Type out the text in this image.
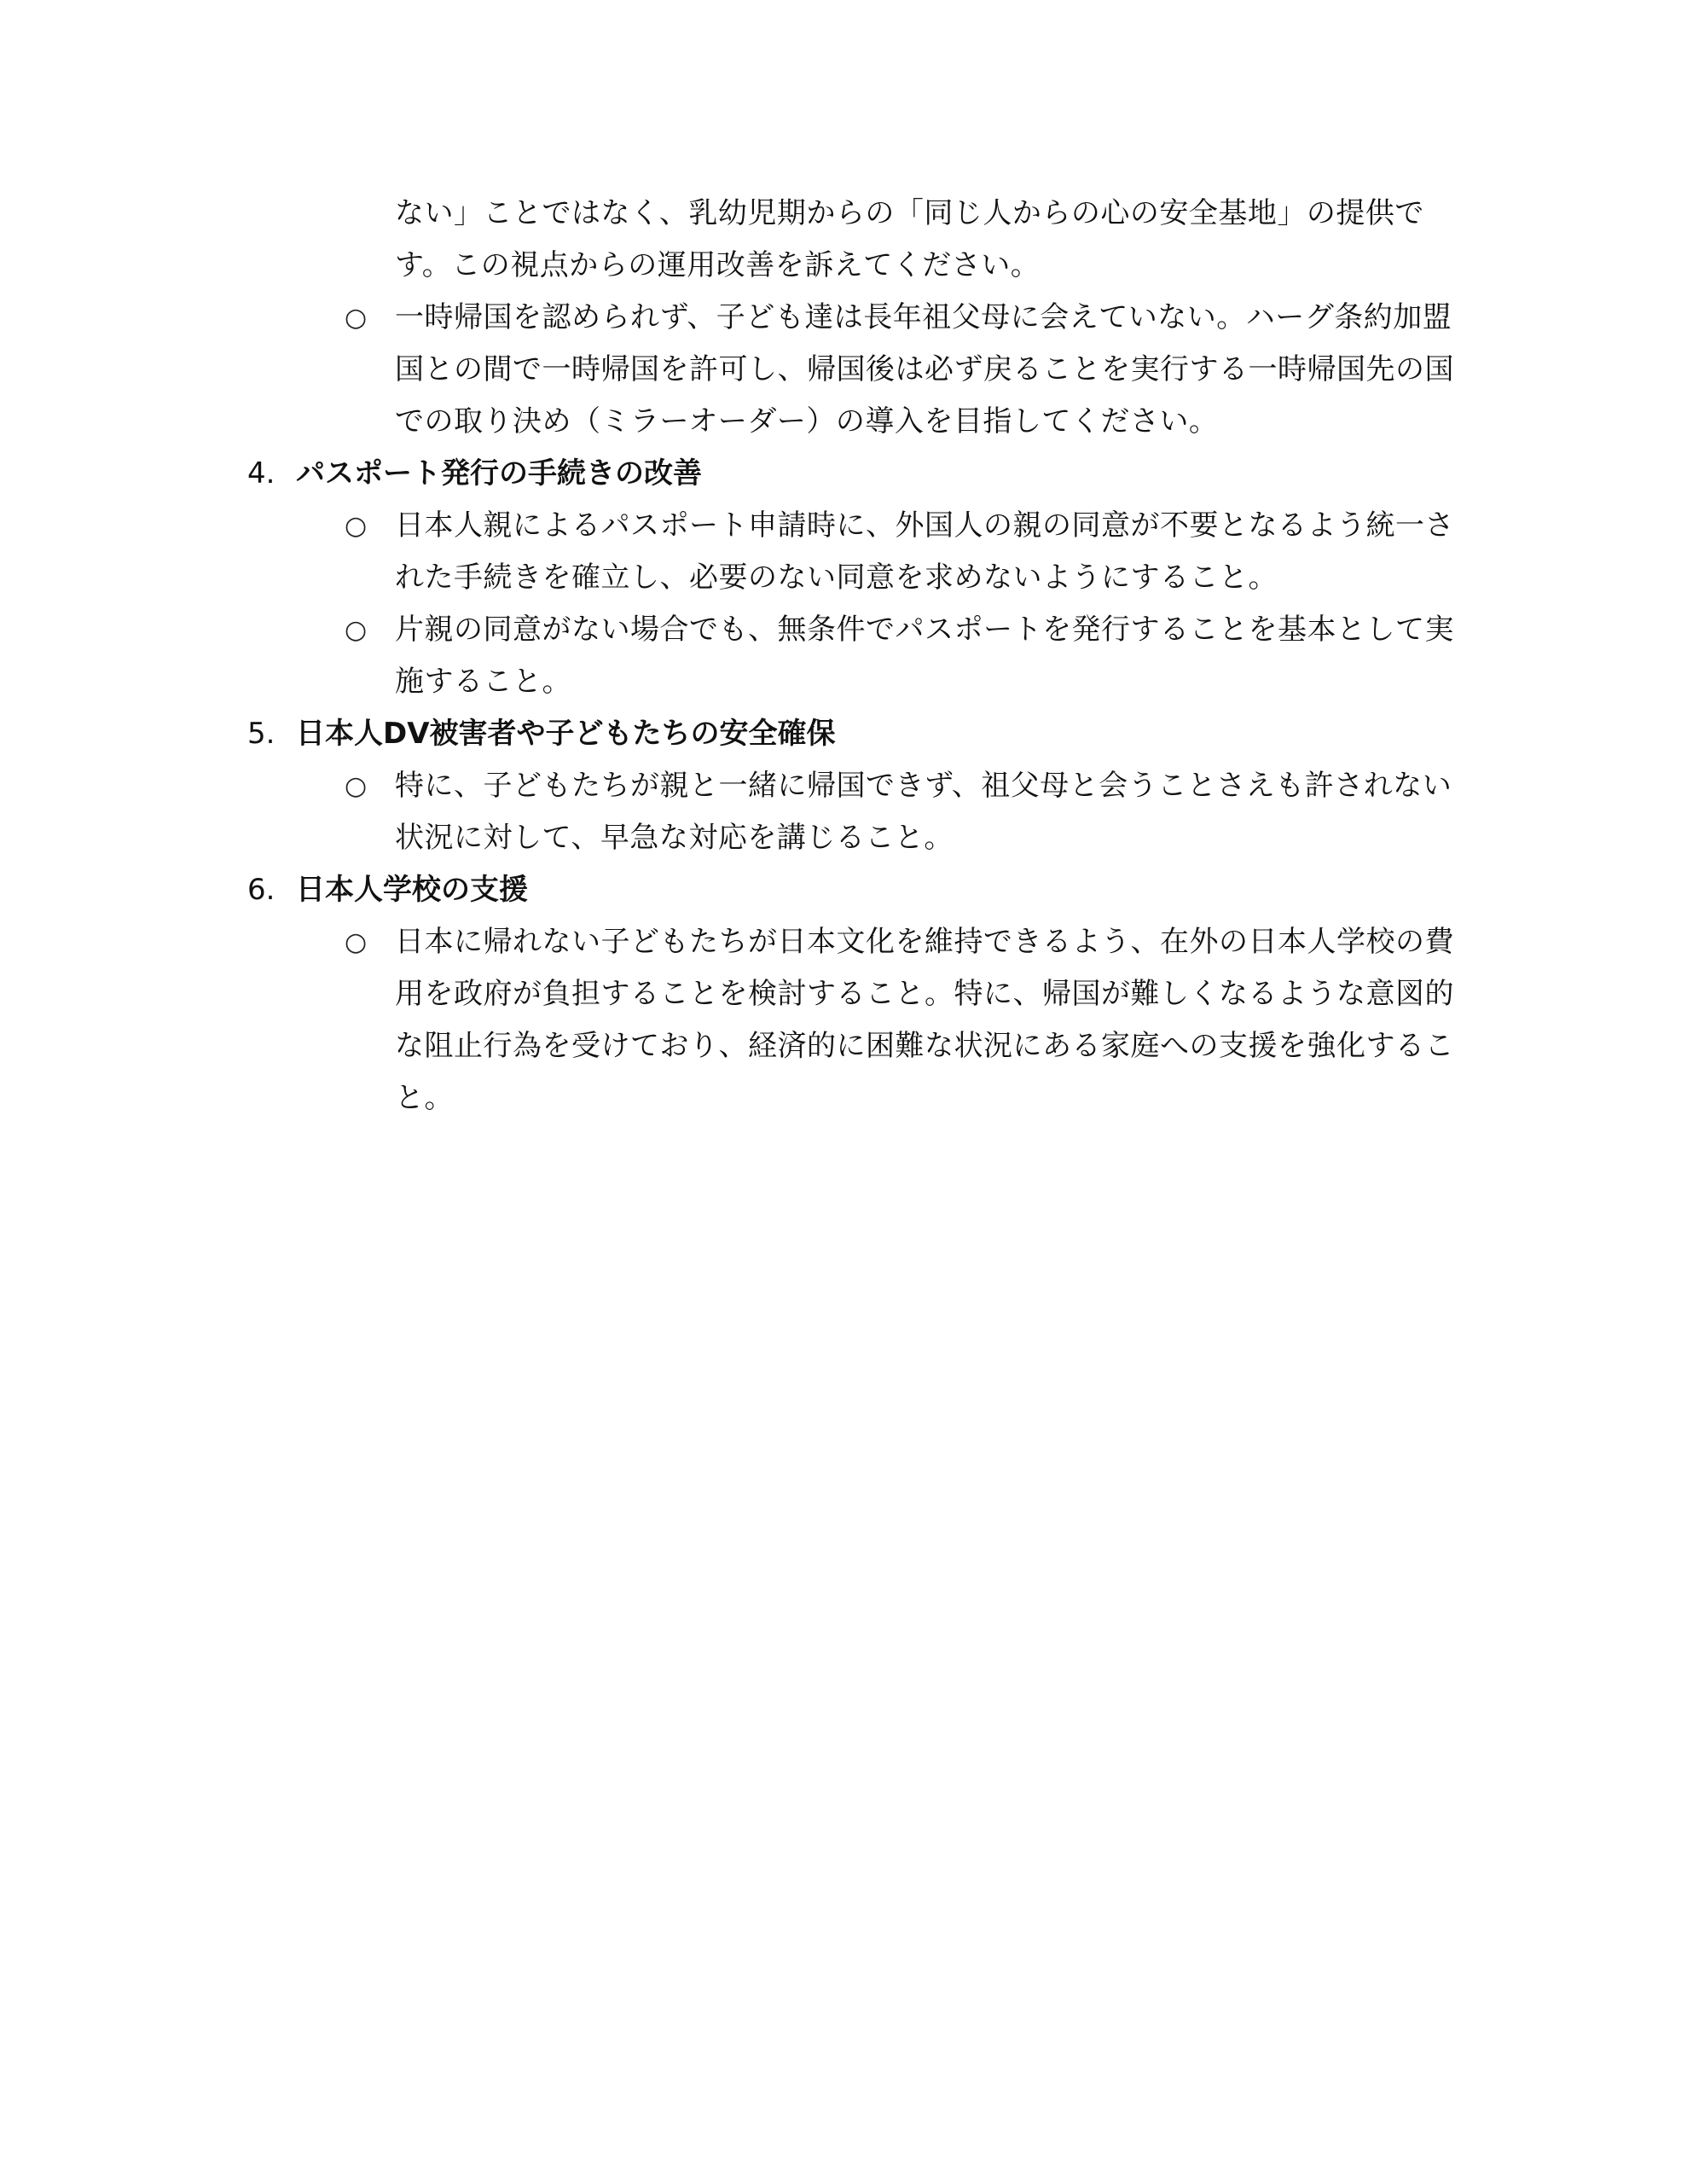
ない」ことではなく、乳幼児期からの「同じ人からの心の安全基地」の提供で
す。この視点からの運用改善を訴えてください。
○ 一時帰国を認められず、子ども達は長年祖父母に会えていない。ハーグ条約加盟
国との間で一時帰国を許可し、帰国後は必ず戻ることを実行する一時帰国先の国
での取り決め（ミラーオーダー）の導入を目指してください。
4. パスポート発行の手続きの改善
○ 日本人親によるパスポート申請時に、外国人の親の同意が不要となるよう統一さ
れた手続きを確立し、必要のない同意を求めないようにすること。
○ 片親の同意がない場合でも、無条件でパスポートを発行することを基本として実
施すること。
5. 日本人DV被害者や子どもたちの安全確保
○ 特に、子どもたちが親と一緒に帰国できず、祖父母と会うことさえも許されない
状況に対して、早急な対応を講じること。
6. 日本人学校の支援
○ 日本に帰れない子どもたちが日本文化を維持できるよう、在外の日本人学校の費
用を政府が負担することを検討すること。特に、帰国が難しくなるような意図的
な阻止行為を受けており、経済的に困難な状況にある家庭への支援を強化するこ
と。
